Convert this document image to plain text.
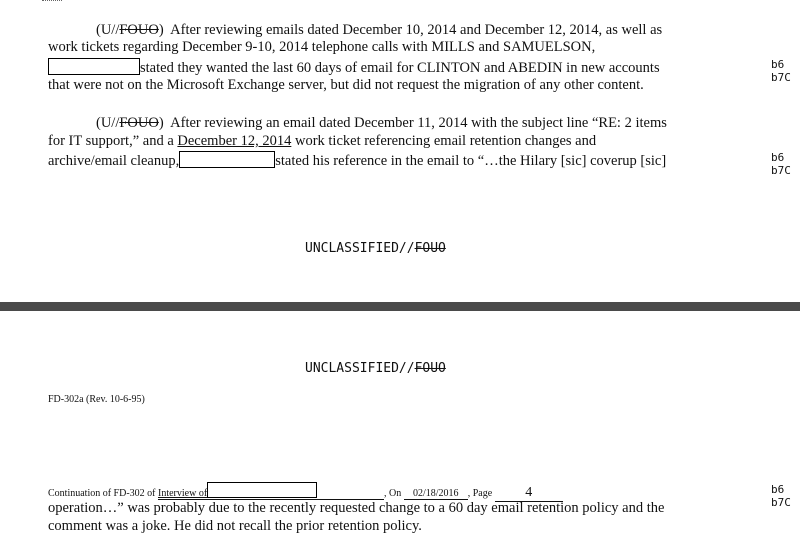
(U//FOUO)  After reviewing emails dated December 10, 2014 and December 12, 2014, as well as
work tickets regarding December 9-10, 2014 telephone calls with MILLS and SAMUELSON,
stated they wanted the last 60 days of email for CLINTON and ABEDIN in new accounts
that were not on the Microsoft Exchange server, but did not request the migration of any other content.
b6
b7C
(U//FOUO)  After reviewing an email dated December 11, 2014 with the subject line “RE: 2 items
for IT support,” and a December 12, 2014 work ticket referencing email retention changes and
archive/email cleanup,	stated his reference in the email to “…the Hilary [sic] coverup [sic]	b6
b7C
UNCLASSIFIED//FOUO
UNCLASSIFIED//FOUO
FD-302a (Rev. 10-6-95)
Continuation of FD-302 of Interview of	, On 02/18/2016 , Page 4
operation…” was probably due to the recently requested change to a 60 day email retention policy and the
comment was a joke. He did not recall the prior retention policy.
b6
b7C
